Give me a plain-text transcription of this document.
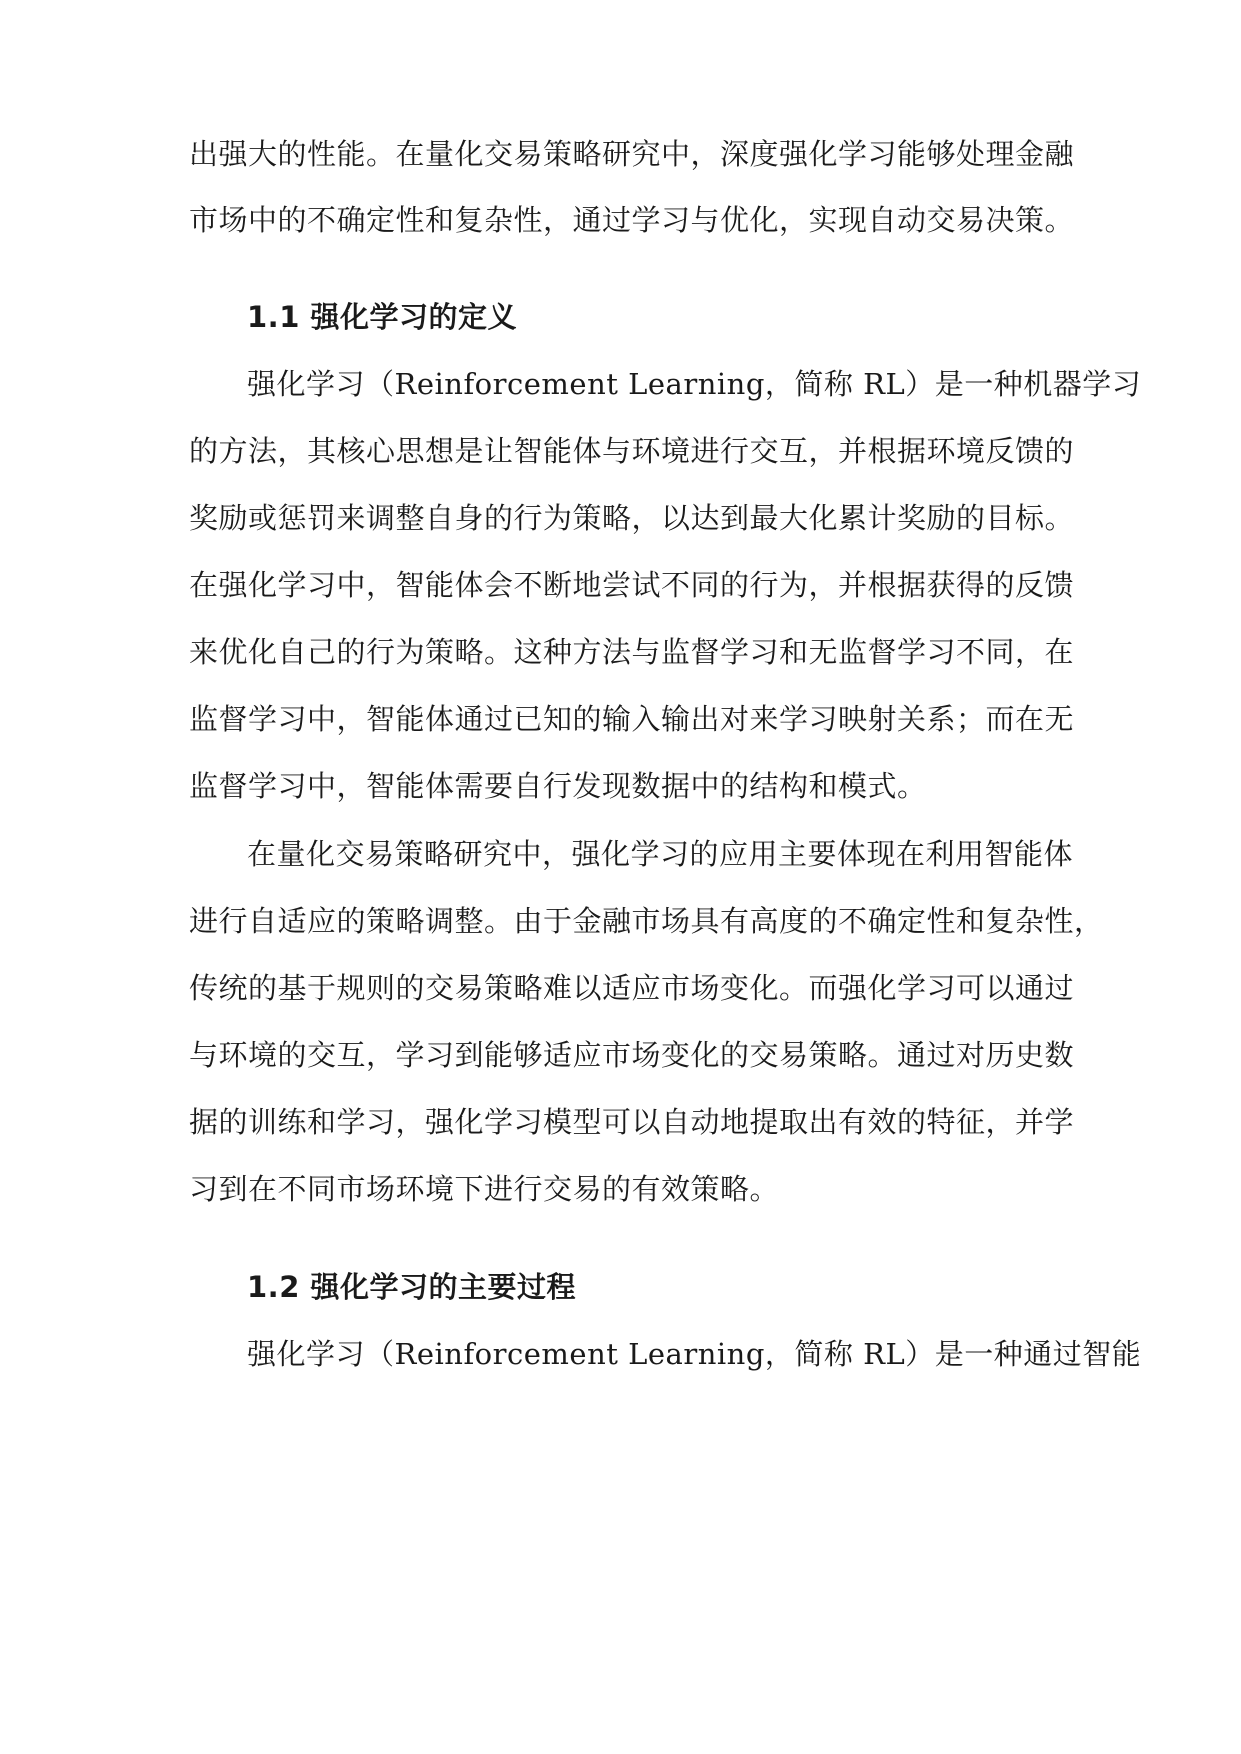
出强大的性能。在量化交易策略研究中，深度强化学习能够处理金融
市场中的不确定性和复杂性，通过学习与优化，实现自动交易决策。
1.1 强化学习的定义
强化学习（Reinforcement Learning，简称 RL）是一种机器学习
的方法，其核心思想是让智能体与环境进行交互，并根据环境反馈的
奖励或惩罚来调整自身的行为策略，以达到最大化累计奖励的目标。
在强化学习中，智能体会不断地尝试不同的行为，并根据获得的反馈
来优化自己的行为策略。这种方法与监督学习和无监督学习不同，在
监督学习中，智能体通过已知的输入输出对来学习映射关系；而在无
监督学习中，智能体需要自行发现数据中的结构和模式。
在量化交易策略研究中，强化学习的应用主要体现在利用智能体
进行自适应的策略调整。由于金融市场具有高度的不确定性和复杂性，
传统的基于规则的交易策略难以适应市场变化。而强化学习可以通过
与环境的交互，学习到能够适应市场变化的交易策略。通过对历史数
据的训练和学习，强化学习模型可以自动地提取出有效的特征，并学
习到在不同市场环境下进行交易的有效策略。
1.2 强化学习的主要过程
强化学习（Reinforcement Learning，简称 RL）是一种通过智能
